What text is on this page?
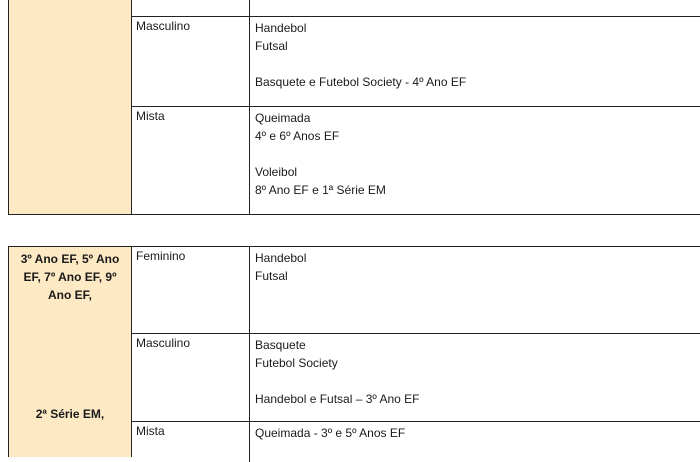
Masculino	Handebol
Futsal
Basquete e Futebol Society - 4º Ano EF
Mista	Queimada
4º e 6º Anos EF
Voleibol
8º Ano EF e 1ª Série EM
3º Ano EF, 5º Ano
EF, 7º Ano EF, 9º
Ano EF,
2ª Série EM,
Feminino	Handebol
Futsal
Masculino	Basquete
Futebol Society
Handebol e Futsal – 3º Ano EF
Mista	Queimada - 3º e 5º Anos EF
